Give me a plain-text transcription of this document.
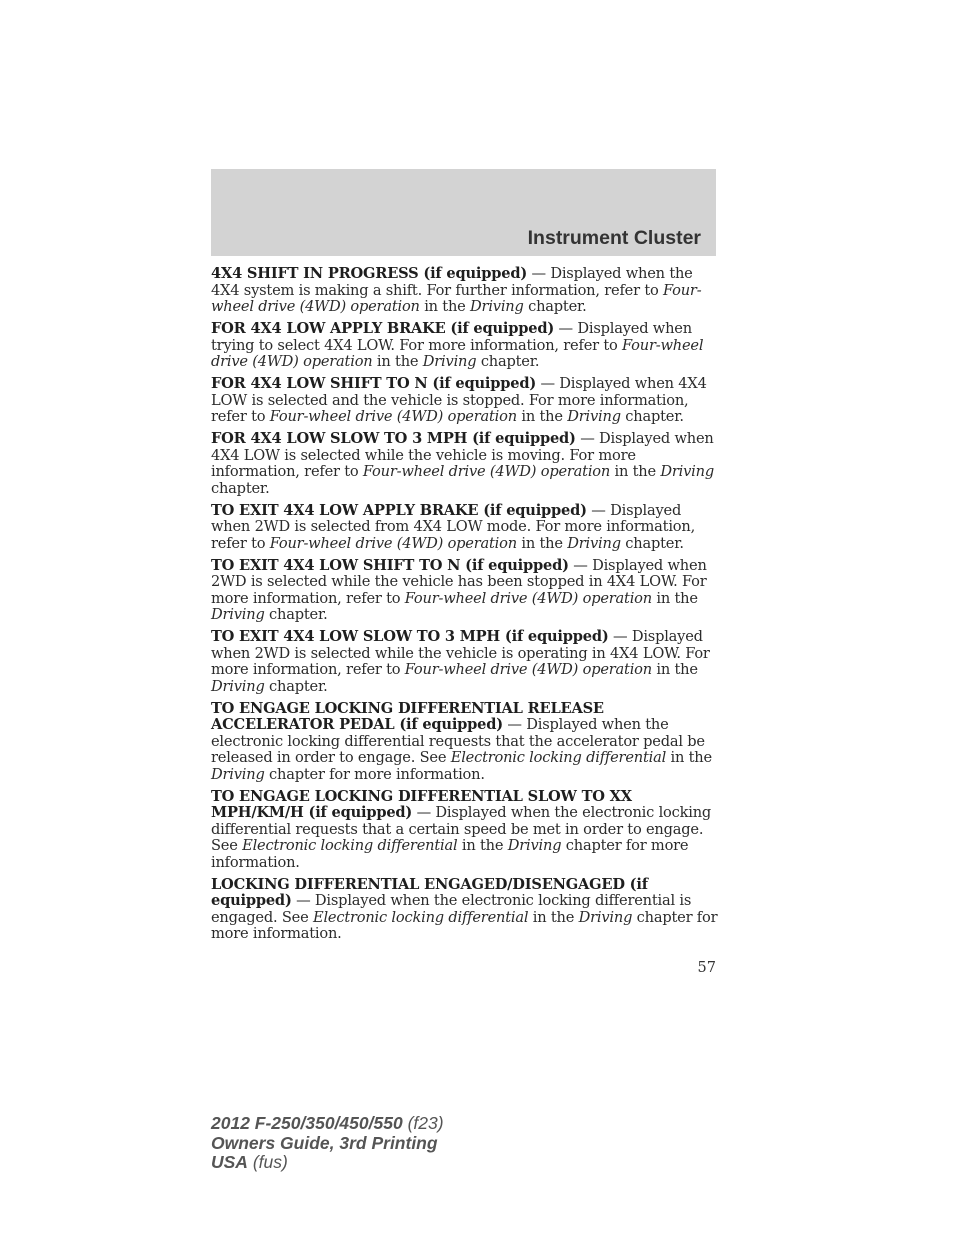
Instrument Cluster

4X4 SHIFT IN PROGRESS (if equipped) — Displayed when the 4X4 system is making a shift. For further information, refer to Four-wheel drive (4WD) operation in the Driving chapter.

FOR 4X4 LOW APPLY BRAKE (if equipped) — Displayed when trying to select 4X4 LOW. For more information, refer to Four-wheel drive (4WD) operation in the Driving chapter.

FOR 4X4 LOW SHIFT TO N (if equipped) — Displayed when 4X4 LOW is selected and the vehicle is stopped. For more information, refer to Four-wheel drive (4WD) operation in the Driving chapter.

FOR 4X4 LOW SLOW TO 3 MPH (if equipped) — Displayed when 4X4 LOW is selected while the vehicle is moving. For more information, refer to Four-wheel drive (4WD) operation in the Driving chapter.

TO EXIT 4X4 LOW APPLY BRAKE (if equipped) — Displayed when 2WD is selected from 4X4 LOW mode. For more information, refer to Four-wheel drive (4WD) operation in the Driving chapter.

TO EXIT 4X4 LOW SHIFT TO N (if equipped) — Displayed when 2WD is selected while the vehicle has been stopped in 4X4 LOW. For more information, refer to Four-wheel drive (4WD) operation in the Driving chapter.

TO EXIT 4X4 LOW SLOW TO 3 MPH (if equipped) — Displayed when 2WD is selected while the vehicle is operating in 4X4 LOW. For more information, refer to Four-wheel drive (4WD) operation in the Driving chapter.

TO ENGAGE LOCKING DIFFERENTIAL RELEASE ACCELERATOR PEDAL (if equipped) — Displayed when the electronic locking differential requests that the accelerator pedal be released in order to engage. See Electronic locking differential in the Driving chapter for more information.

TO ENGAGE LOCKING DIFFERENTIAL SLOW TO XX MPH/KM/H (if equipped) — Displayed when the electronic locking differential requests that a certain speed be met in order to engage. See Electronic locking differential in the Driving chapter for more information.

LOCKING DIFFERENTIAL ENGAGED/DISENGAGED (if equipped) — Displayed when the electronic locking differential is engaged. See Electronic locking differential in the Driving chapter for more information.

57
2012 F-250/350/450/550 (f23)
Owners Guide, 3rd Printing
USA (fus)
